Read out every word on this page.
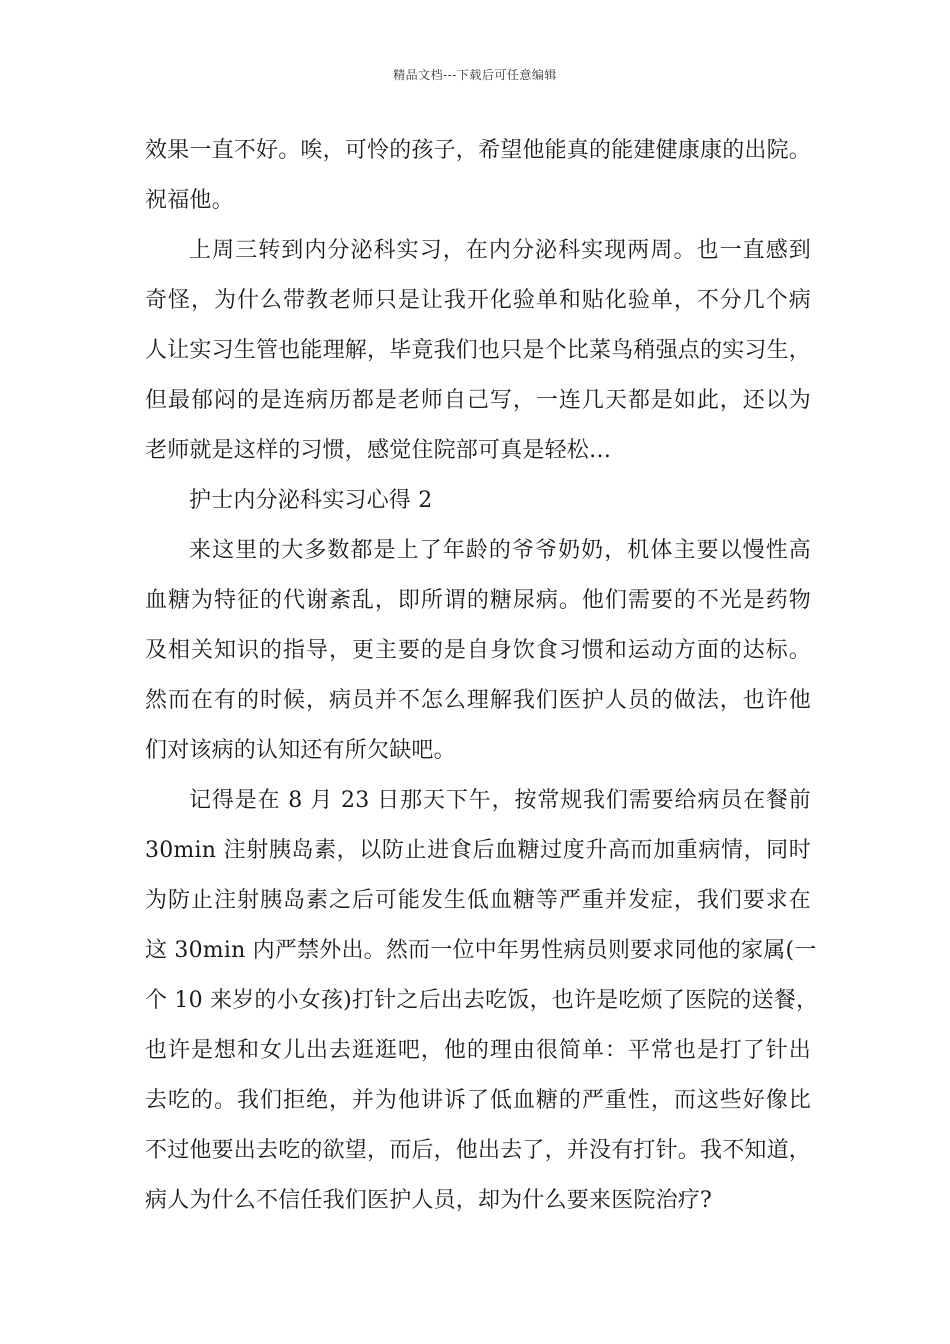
精品文档---下载后可任意编辑
效果一直不好。唉，可怜的孩子，希望他能真的能建健康康的出院。
祝福他。
上周三转到内分泌科实习，在内分泌科实现两周。也一直感到
奇怪，为什么带教老师只是让我开化验单和贴化验单，不分几个病
人让实习生管也能理解，毕竟我们也只是个比菜鸟稍强点的实习生，
但最郁闷的是连病历都是老师自己写，一连几天都是如此，还以为
老师就是这样的习惯，感觉住院部可真是轻松…
护士内分泌科实习心得 2
来这里的大多数都是上了年龄的爷爷奶奶，机体主要以慢性高
血糖为特征的代谢紊乱，即所谓的糖尿病。他们需要的不光是药物
及相关知识的指导，更主要的是自身饮食习惯和运动方面的达标。
然而在有的时候，病员并不怎么理解我们医护人员的做法，也许他
们对该病的认知还有所欠缺吧。
记得是在 8 月 23 日那天下午，按常规我们需要给病员在餐前
30min 注射胰岛素，以防止进食后血糖过度升高而加重病情，同时
为防止注射胰岛素之后可能发生低血糖等严重并发症，我们要求在
这 30min 内严禁外出。然而一位中年男性病员则要求同他的家属(一
个 10 来岁的小女孩)打针之后出去吃饭，也许是吃烦了医院的送餐，
也许是想和女儿出去逛逛吧，他的理由很简单：平常也是打了针出
去吃的。我们拒绝，并为他讲诉了低血糖的严重性，而这些好像比
不过他要出去吃的欲望，而后，他出去了，并没有打针。我不知道，
病人为什么不信任我们医护人员，却为什么要来医院治疗?
